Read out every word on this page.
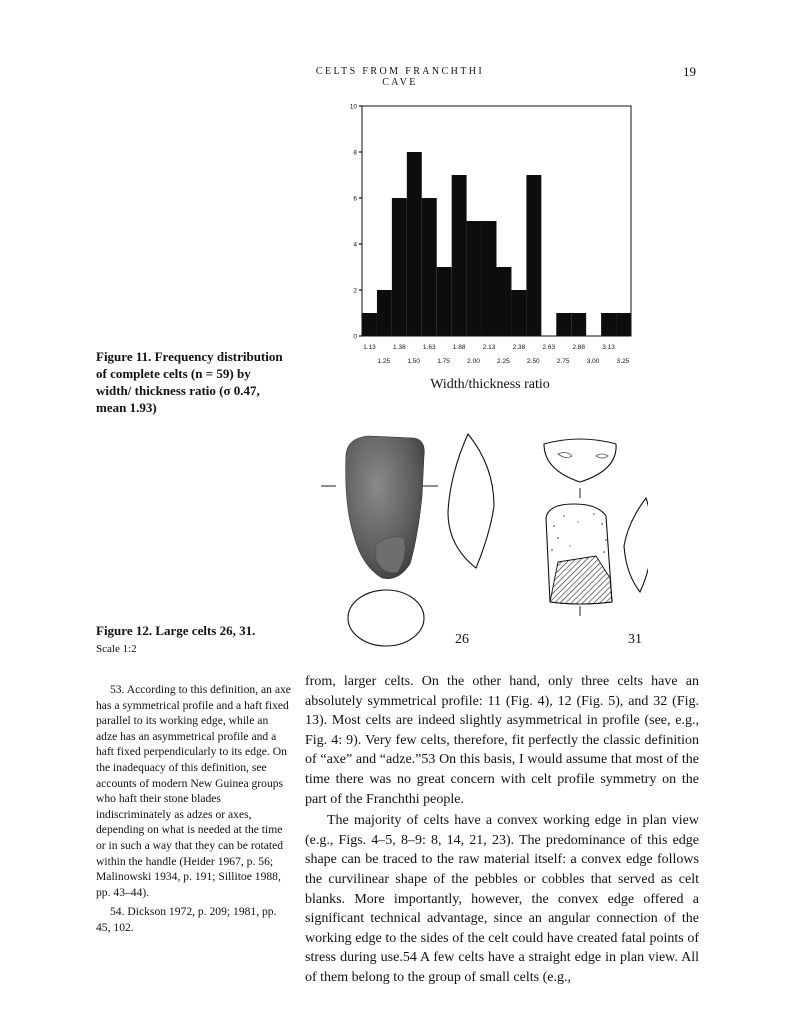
CELTS FROM FRANCHTHI CAVE
19
0
2
4
6
8
10
1.13	1.38	1.63	1.88	2.13	2.38	2.63	2.88	3.13
1.25	1.50	1.75	2.00	2.25	2.50	2.75	3.00	3.25
Width/thickness ratio
Figure 11. Frequency distribution of complete celts (n = 59) by width/ thickness ratio (σ 0.47, mean 1.93)
26	31
Figure 12. Large celts 26, 31.
Scale 1:2

53. According to this definition, an axe has a symmetrical profile and a haft fixed parallel to its working edge, while an adze has an asymmetrical profile and a haft fixed perpendicularly to its edge. On the inadequacy of this definition, see accounts of modern New Guinea groups who haft their stone blades indiscriminately as adzes or axes, depending on what is needed at the time or in such a way that they can be rotated within the handle (Heider 1967, p. 56; Malinowski 1934, p. 191; Sillitoe 1988, pp. 43–44).

54. Dickson 1972, p. 209; 1981, pp. 45, 102.

from, larger celts. On the other hand, only three celts have an absolutely symmetrical profile: 11 (Fig. 4), 12 (Fig. 5), and 32 (Fig. 13). Most celts are indeed slightly asymmetrical in profile (see, e.g., Fig. 4: 9). Very few celts, therefore, fit perfectly the classic definition of “axe” and “adze.”53 On this basis, I would assume that most of the time there was no great concern with celt profile symmetry on the part of the Franchthi people.

The majority of celts have a convex working edge in plan view (e.g., Figs. 4–5, 8–9: 8, 14, 21, 23). The predominance of this edge shape can be traced to the raw material itself: a convex edge follows the curvilinear shape of the pebbles or cobbles that served as celt blanks. More importantly, however, the convex edge offered a significant technical advantage, since an angular connection of the working edge to the sides of the celt could have created fatal points of stress during use.54 A few celts have a straight edge in plan view. All of them belong to the group of small celts (e.g.,
